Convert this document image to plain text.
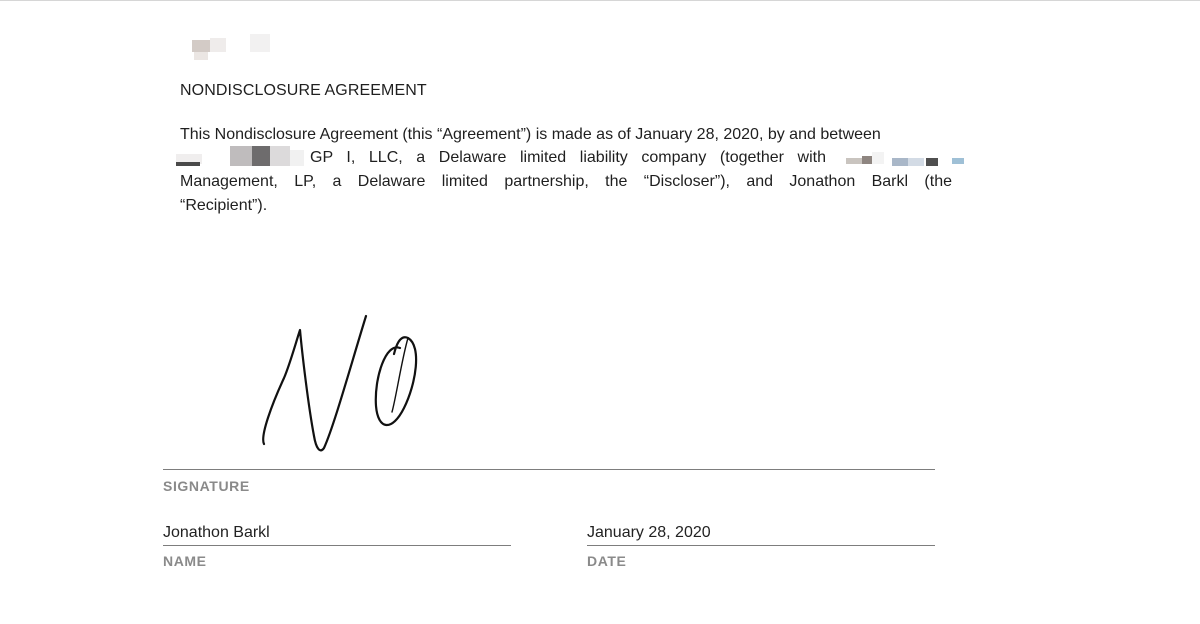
NONDISCLOSURE AGREEMENT
This Nondisclosure Agreement (this “Agreement”) is made as of January 28, 2020, by and between
GP I, LLC, a Delaware limited liability company (together with
Management, LP, a Delaware limited partnership, the “Discloser”), and Jonathon Barkl (the
“Recipient”).
SIGNATURE
Jonathon Barkl
NAME
January 28, 2020
DATE
